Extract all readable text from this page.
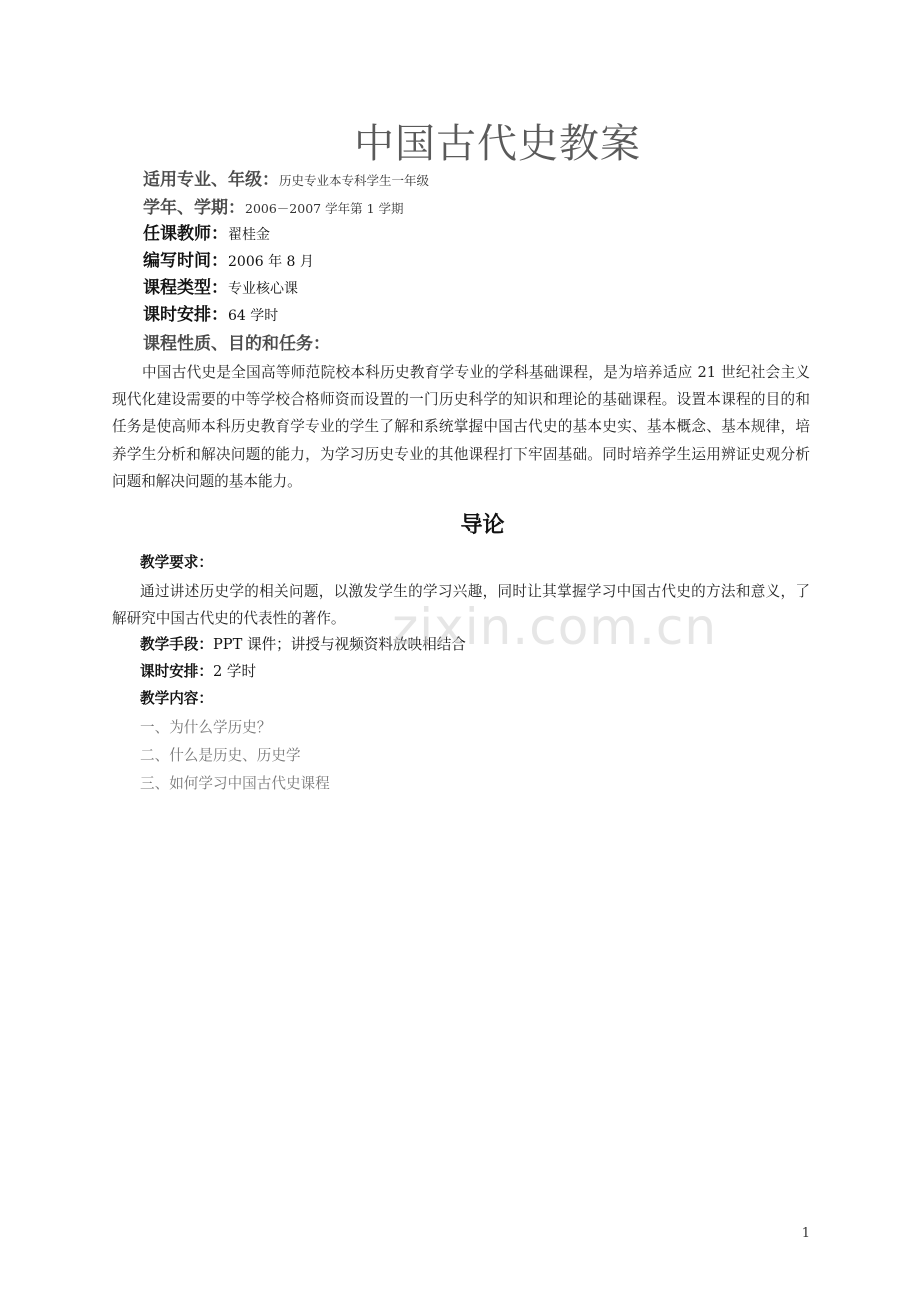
中国古代史教案
适用专业、年级：历史专业本专科学生一年级
学年、学期：2006－2007 学年第 1 学期
任课教师：翟桂金
编写时间：2006 年 8 月
课程类型：专业核心课
课时安排：64 学时
课程性质、目的和任务：
中国古代史是全国高等师范院校本科历史教育学专业的学科基础课程，是为培养适应 21 世纪社会主义现代化建设需要的中等学校合格师资而设置的一门历史科学的知识和理论的基础课程。设置本课程的目的和任务是使高师本科历史教育学专业的学生了解和系统掌握中国古代史的基本史实、基本概念、基本规律，培养学生分析和解决问题的能力，为学习历史专业的其他课程打下牢固基础。同时培养学生运用辨证史观分析问题和解决问题的基本能力。
导论
教学要求：
通过讲述历史学的相关问题，以激发学生的学习兴趣，同时让其掌握学习中国古代史的方法和意义，了解研究中国古代史的代表性的著作。
教学手段：PPT 课件；讲授与视频资料放映相结合
课时安排：2 学时
教学内容：
一、为什么学历史？
二、什么是历史、历史学
三、如何学习中国古代史课程
zixin.com.cn
1
